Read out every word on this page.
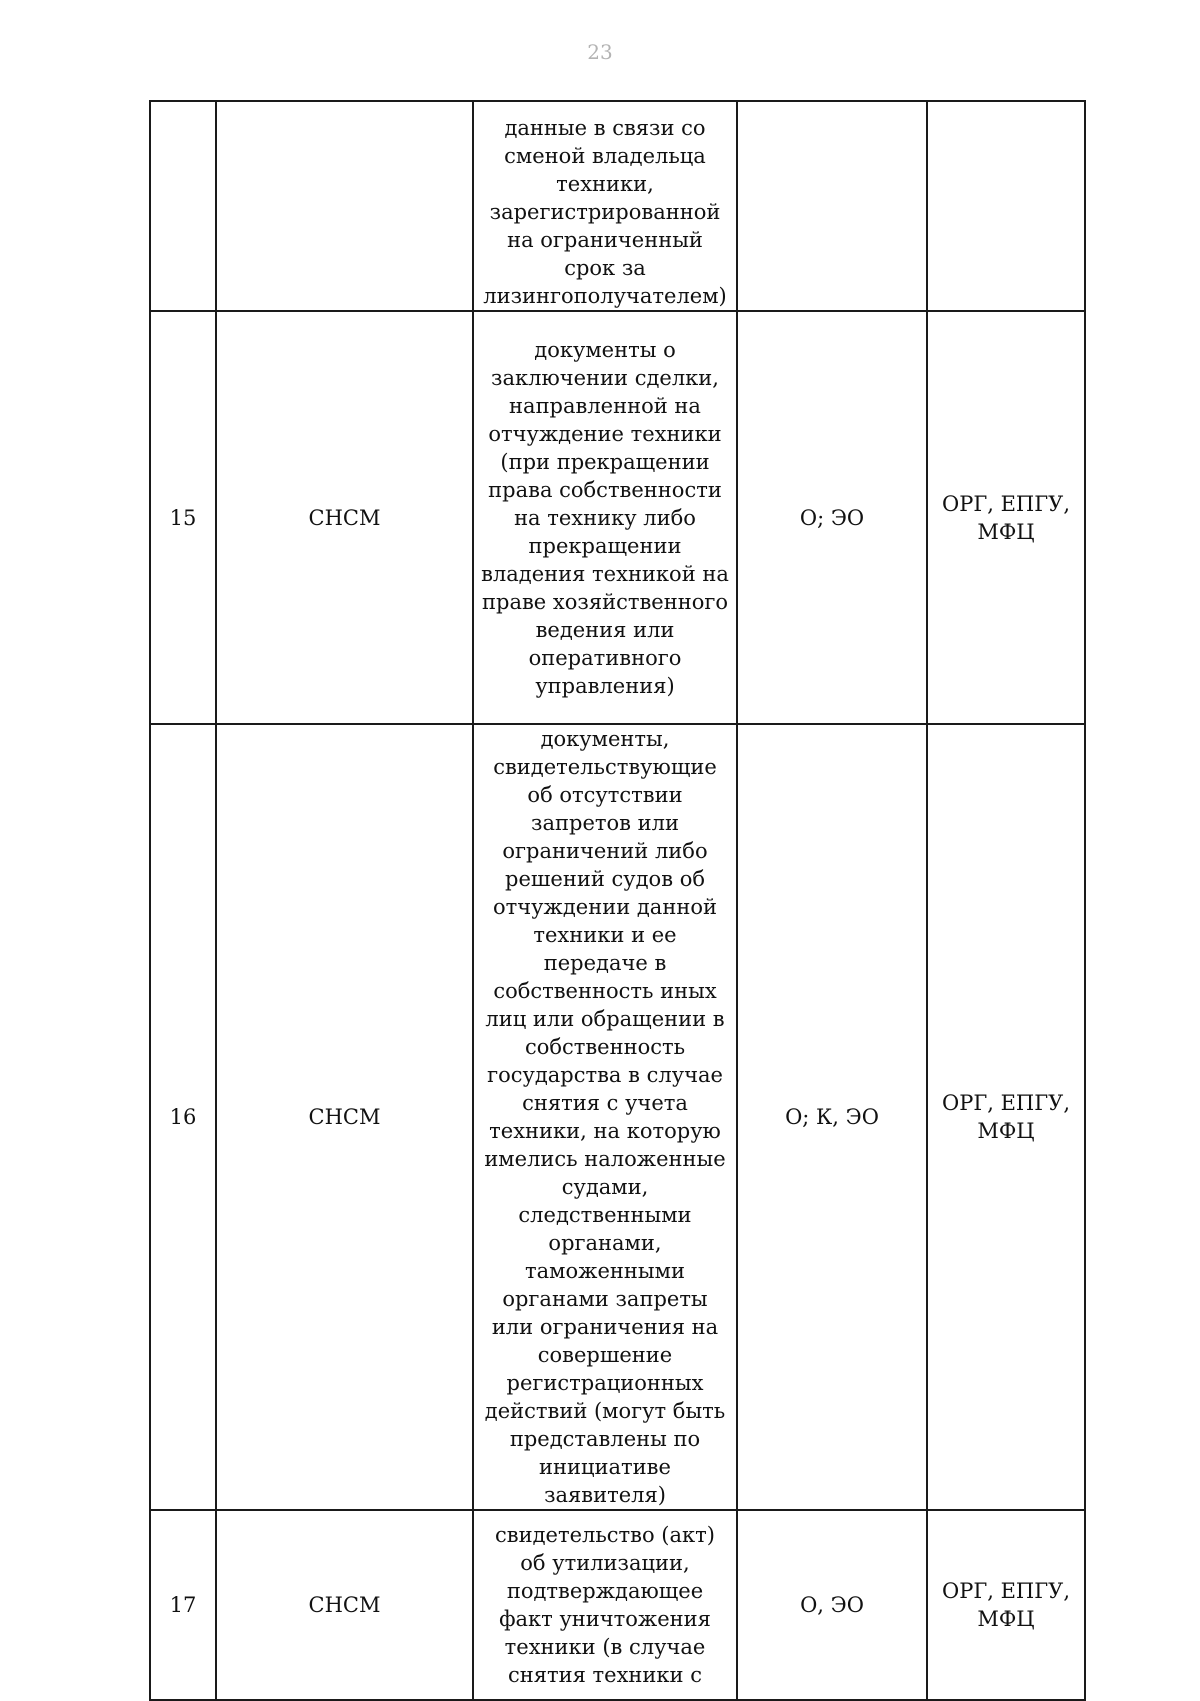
23
		данные в связи со сменой владельца техники, зарегистрированной на ограниченный срок за лизингополучателем)		
15	СНСМ	документы о заключении сделки, направленной на отчуждение техники (при прекращении права собственности на технику либо прекращении владения техникой на праве хозяйственного ведения или оперативного управления)	О; ЭО	ОРГ, ЕПГУ, МФЦ
16	СНСМ	документы, свидетельствующие об отсутствии запретов или ограничений либо решений судов об отчуждении данной техники и ее передаче в собственность иных лиц или обращении в собственность государства в случае снятия с учета техники, на которую имелись наложенные судами, следственными органами, таможенными органами запреты или ограничения на совершение регистрационных действий (могут быть представлены по инициативе заявителя)	О; К, ЭО	ОРГ, ЕПГУ, МФЦ
17	СНСМ	свидетельство (акт) об утилизации, подтверждающее факт уничтожения техники (в случае снятия техники с	О, ЭО	ОРГ, ЕПГУ, МФЦ
